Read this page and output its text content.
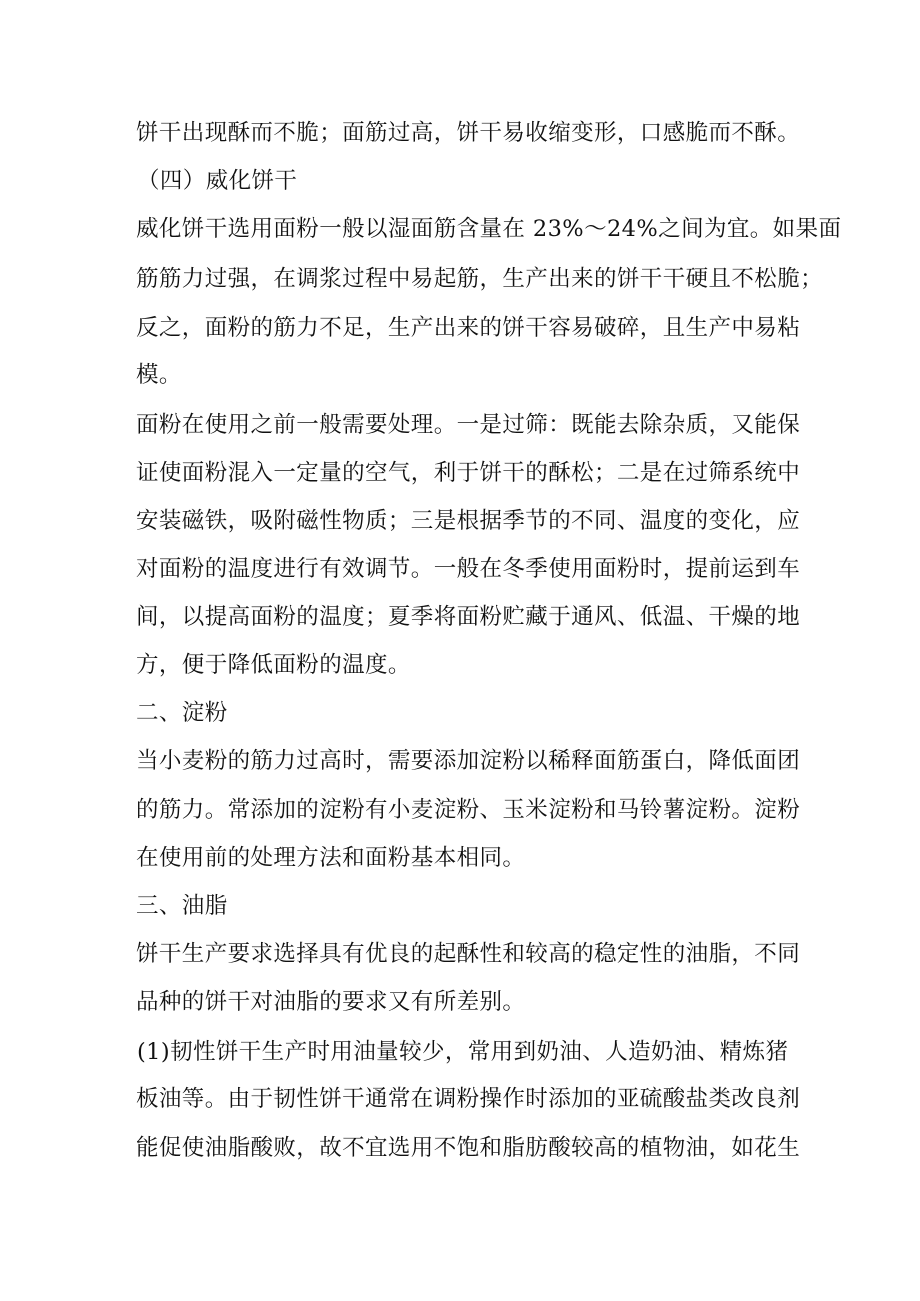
饼干出现酥而不脆；面筋过高，饼干易收缩变形，口感脆而不酥。
（四）威化饼干
威化饼干选用面粉一般以湿面筋含量在 23%～24%之间为宜。如果面
筋筋力过强，在调浆过程中易起筋，生产出来的饼干干硬且不松脆；
反之，面粉的筋力不足，生产出来的饼干容易破碎，且生产中易粘
模。
面粉在使用之前一般需要处理。一是过筛：既能去除杂质，又能保
证使面粉混入一定量的空气，利于饼干的酥松；二是在过筛系统中
安装磁铁，吸附磁性物质；三是根据季节的不同、温度的变化，应
对面粉的温度进行有效调节。一般在冬季使用面粉时，提前运到车
间，以提高面粉的温度；夏季将面粉贮藏于通风、低温、干燥的地
方，便于降低面粉的温度。
二、淀粉
当小麦粉的筋力过高时，需要添加淀粉以稀释面筋蛋白，降低面团
的筋力。常添加的淀粉有小麦淀粉、玉米淀粉和马铃薯淀粉。淀粉
在使用前的处理方法和面粉基本相同。
三、油脂
饼干生产要求选择具有优良的起酥性和较高的稳定性的油脂，不同
品种的饼干对油脂的要求又有所差别。
(1)韧性饼干生产时用油量较少，常用到奶油、人造奶油、精炼猪
板油等。由于韧性饼干通常在调粉操作时添加的亚硫酸盐类改良剂
能促使油脂酸败，故不宜选用不饱和脂肪酸较高的植物油，如花生
